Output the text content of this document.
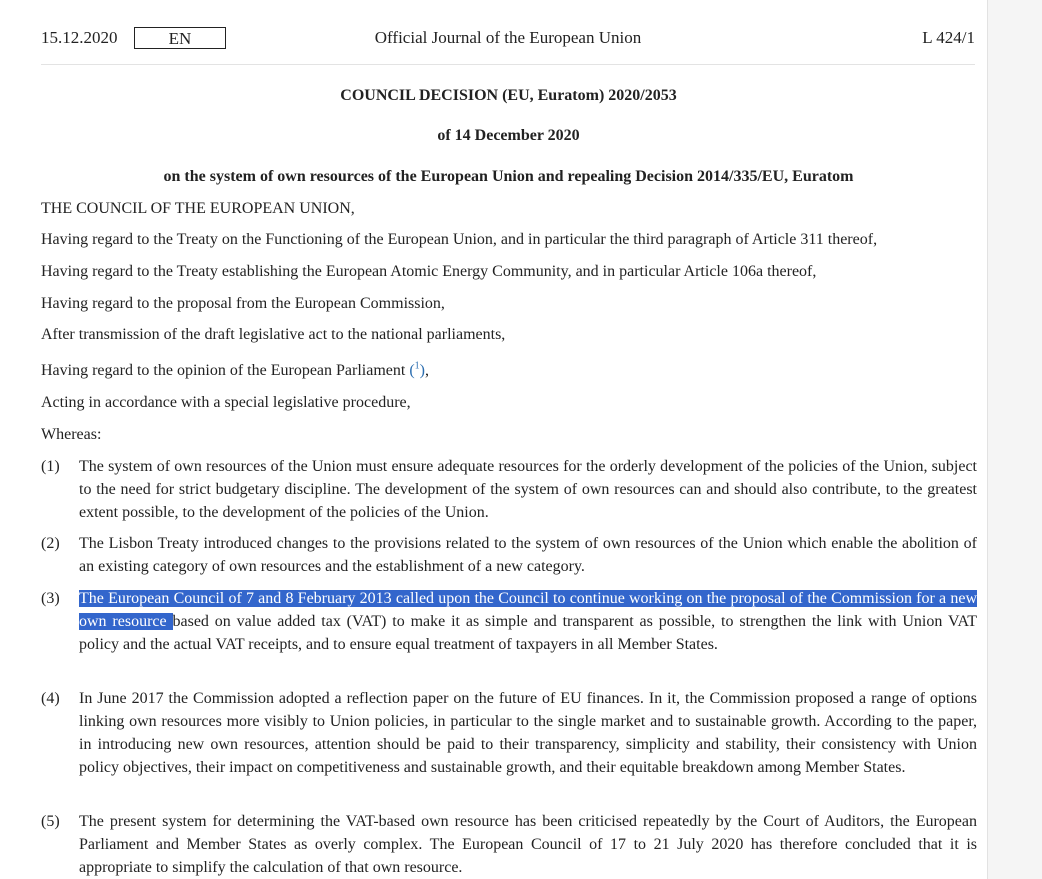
15.12.2020	EN	Official Journal of the European Union	L 424/1
COUNCIL DECISION (EU, Euratom) 2020/2053
of 14 December 2020
on the system of own resources of the European Union and repealing Decision 2014/335/EU, Euratom
THE COUNCIL OF THE EUROPEAN UNION,
Having regard to the Treaty on the Functioning of the European Union, and in particular the third paragraph of Article 311 thereof,
Having regard to the Treaty establishing the European Atomic Energy Community, and in particular Article 106a thereof,
Having regard to the proposal from the European Commission,
After transmission of the draft legislative act to the national parliaments,
Having regard to the opinion of the European Parliament ($^1$),
Acting in accordance with a special legislative procedure,
Whereas:
(1) The system of own resources of the Union must ensure adequate resources for the orderly development of the policies of the Union, subject to the need for strict budgetary discipline. The development of the system of own resources can and should also contribute, to the greatest extent possible, to the development of the policies of the Union.
(2) The Lisbon Treaty introduced changes to the provisions related to the system of own resources of the Union which enable the abolition of an existing category of own resources and the establishment of a new category.
(3) The European Council of 7 and 8 February 2013 called upon the Council to continue working on the proposal of the Commission for a new own resource based on value added tax (VAT) to make it as simple and transparent as possible, to strengthen the link with Union VAT policy and the actual VAT receipts, and to ensure equal treatment of taxpayers in all Member States.
(4) In June 2017 the Commission adopted a reflection paper on the future of EU finances. In it, the Commission proposed a range of options linking own resources more visibly to Union policies, in particular to the single market and to sustainable growth. According to the paper, in introducing new own resources, attention should be paid to their transparency, simplicity and stability, their consistency with Union policy objectives, their impact on competitiveness and sustainable growth, and their equitable breakdown among Member States.
(5) The present system for determining the VAT-based own resource has been criticised repeatedly by the Court of Auditors, the European Parliament and Member States as overly complex. The European Council of 17 to 21 July 2020 has therefore concluded that it is appropriate to simplify the calculation of that own resource.
